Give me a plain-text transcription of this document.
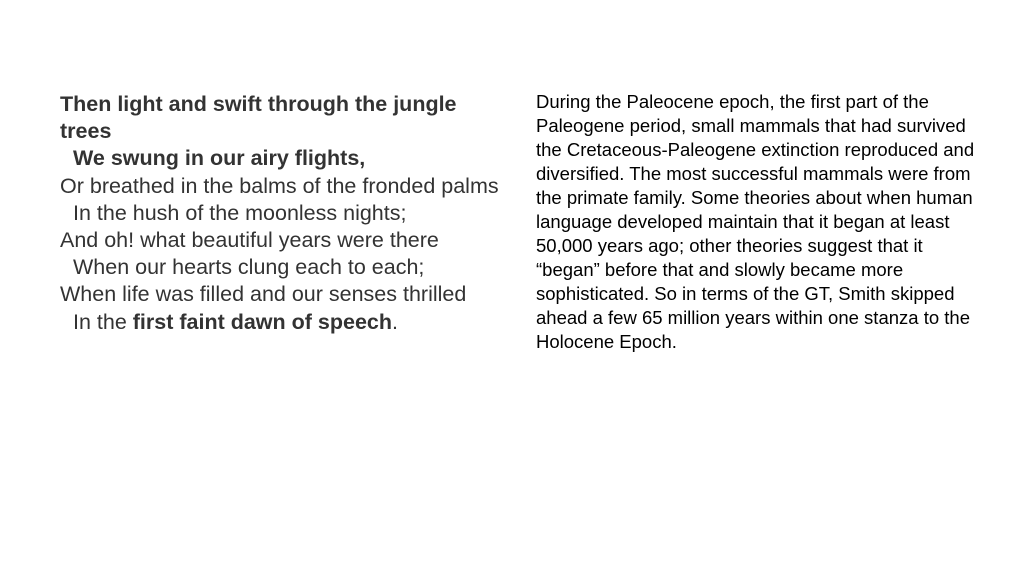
Then light and swift through the jungle trees
We swung in our airy flights,
Or breathed in the balms of the fronded palms
In the hush of the moonless nights;
And oh! what beautiful years were there
When our hearts clung each to each;
When life was filled and our senses thrilled
In the first faint dawn of speech.
During the Paleocene epoch, the first part of the Paleogene period, small mammals that had survived the Cretaceous-Paleogene extinction reproduced and diversified. The most successful mammals were from the primate family. Some theories about when human language developed maintain that it began at least 50,000 years ago; other theories suggest that it “began” before that and slowly became more sophisticated. So in terms of the GT, Smith skipped ahead a few 65 million years within one stanza to the Holocene Epoch.
